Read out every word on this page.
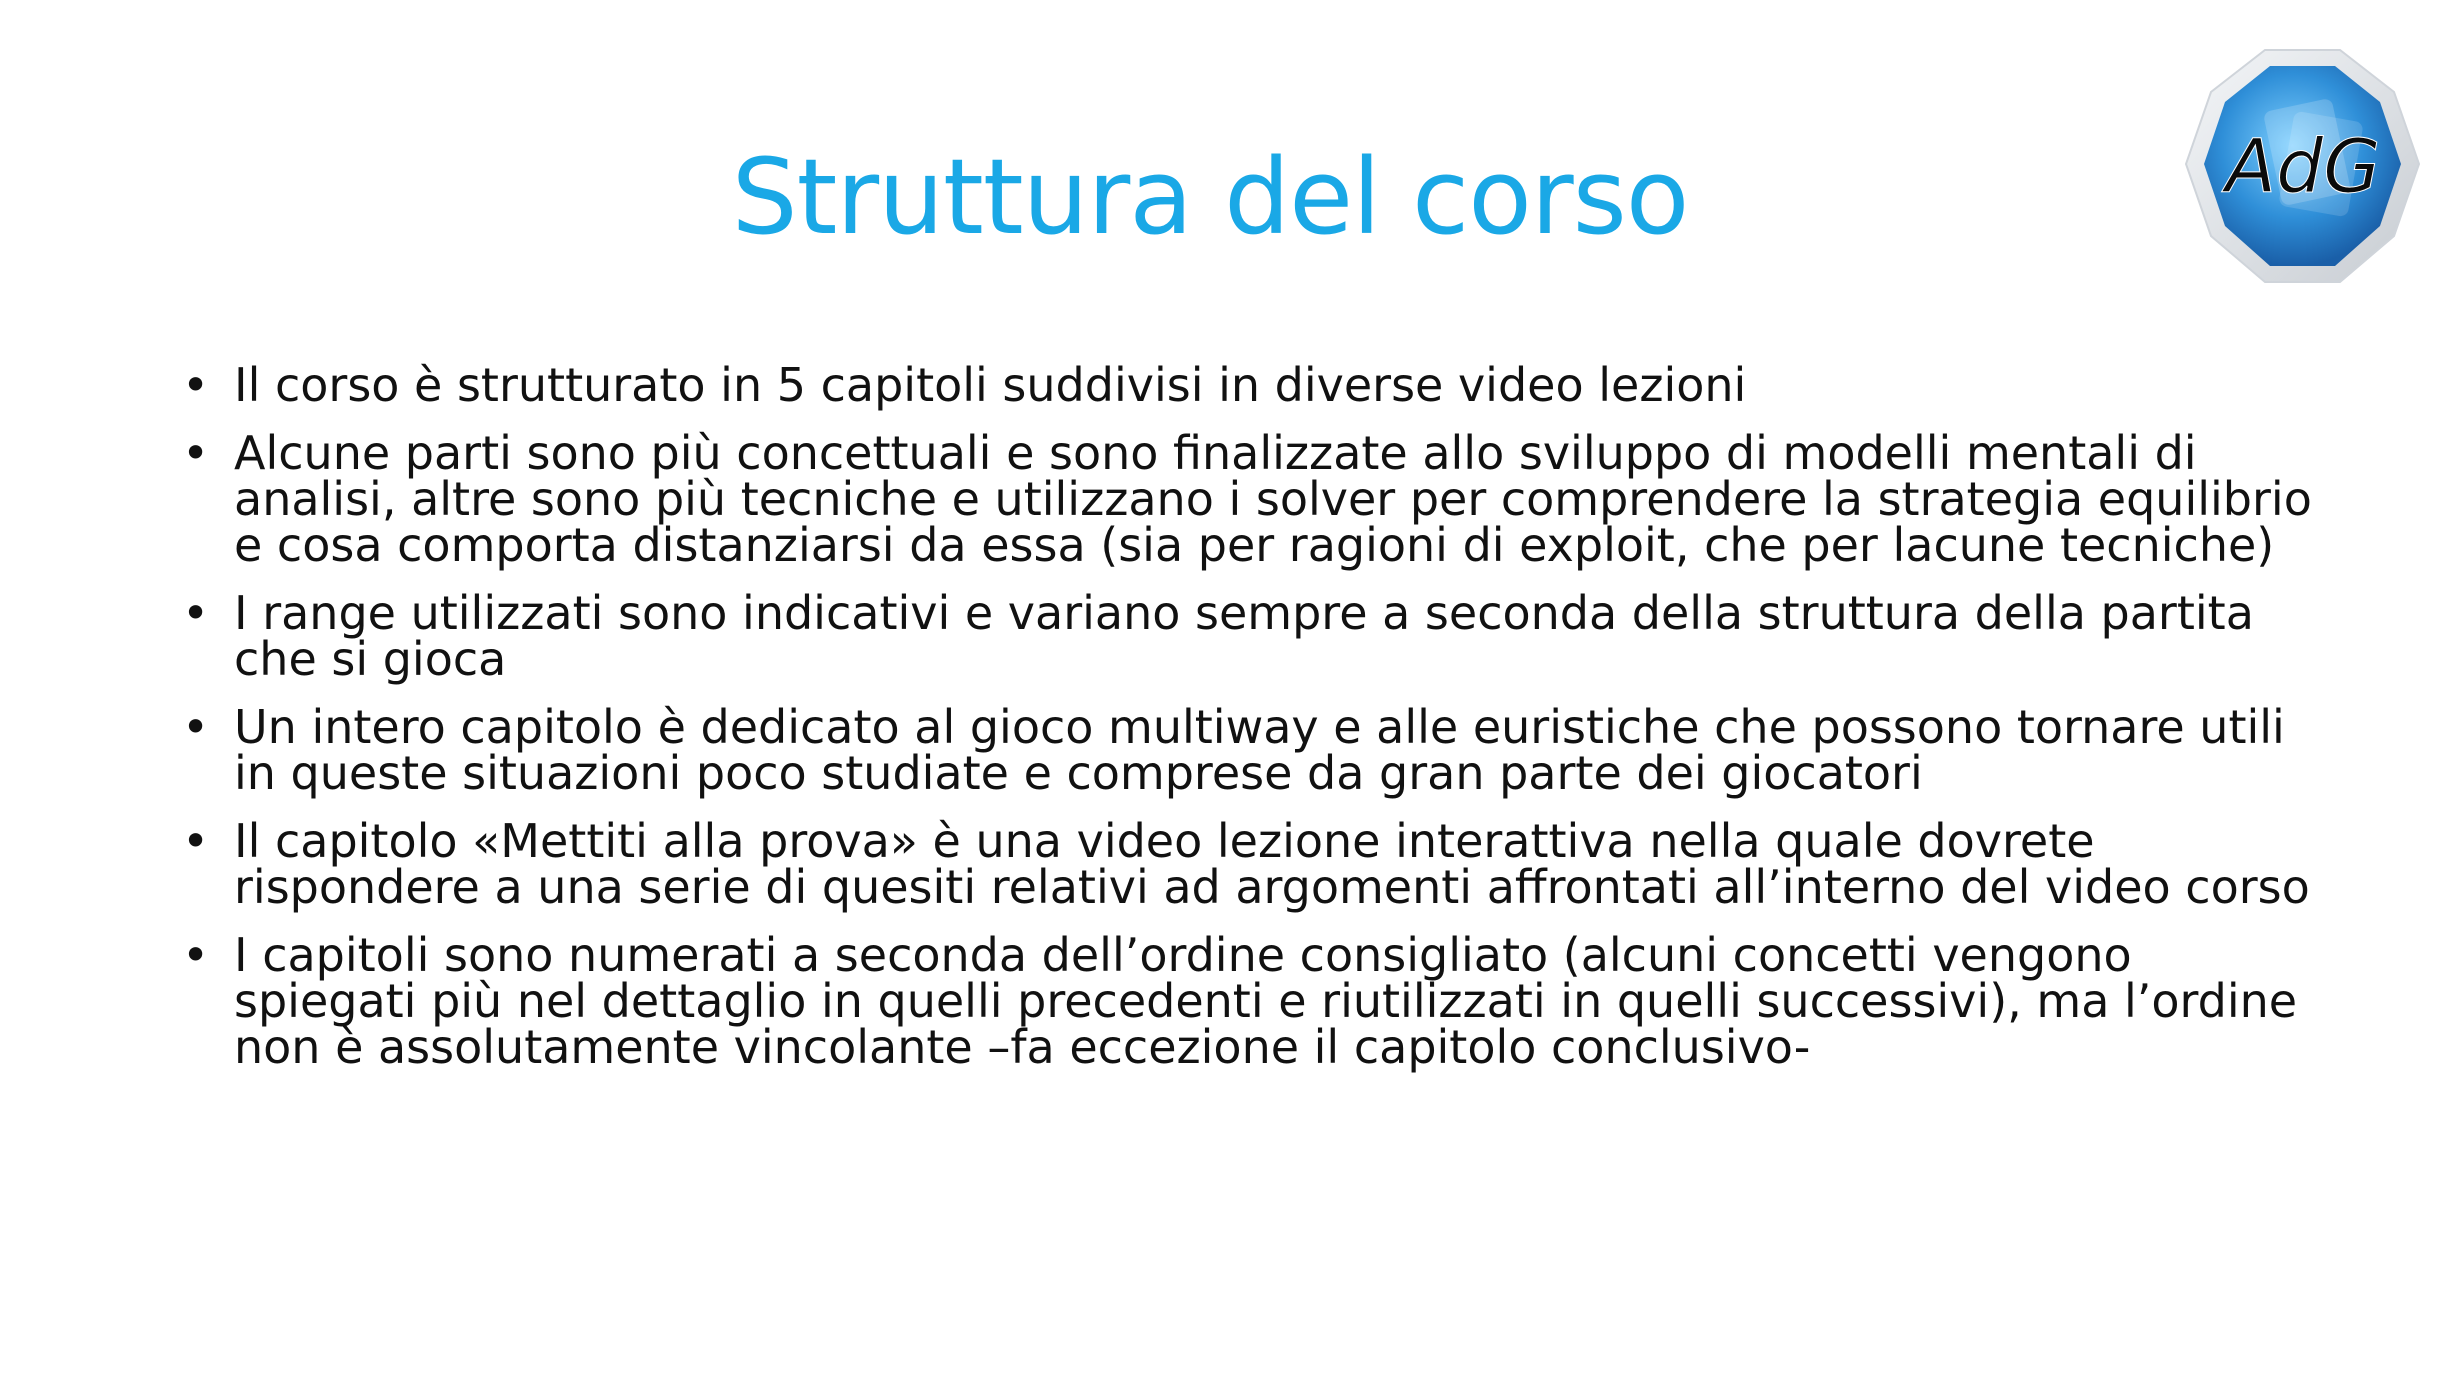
Struttura del corso	AdG
• Il corso è strutturato in 5 capitoli suddivisi in diverse video lezioni
• Alcune parti sono più concettuali e sono finalizzate allo sviluppo di modelli mentali di analisi, altre sono più tecniche e utilizzano i solver per comprendere la strategia equilibrio e cosa comporta distanziarsi da essa (sia per ragioni di exploit, che per lacune tecniche)
• I range utilizzati sono indicativi e variano sempre a seconda della struttura della partita che si gioca
• Un intero capitolo è dedicato al gioco multiway e alle euristiche che possono tornare utili in queste situazioni poco studiate e comprese da gran parte dei giocatori
• Il capitolo «Mettiti alla prova» è una video lezione interattiva nella quale dovrete rispondere a una serie di quesiti relativi ad argomenti affrontati all’interno del video corso
• I capitoli sono numerati a seconda dell’ordine consigliato (alcuni concetti vengono spiegati più nel dettaglio in quelli precedenti e riutilizzati in quelli successivi), ma l’ordine non è assolutamente vincolante –fa eccezione il capitolo conclusivo-
